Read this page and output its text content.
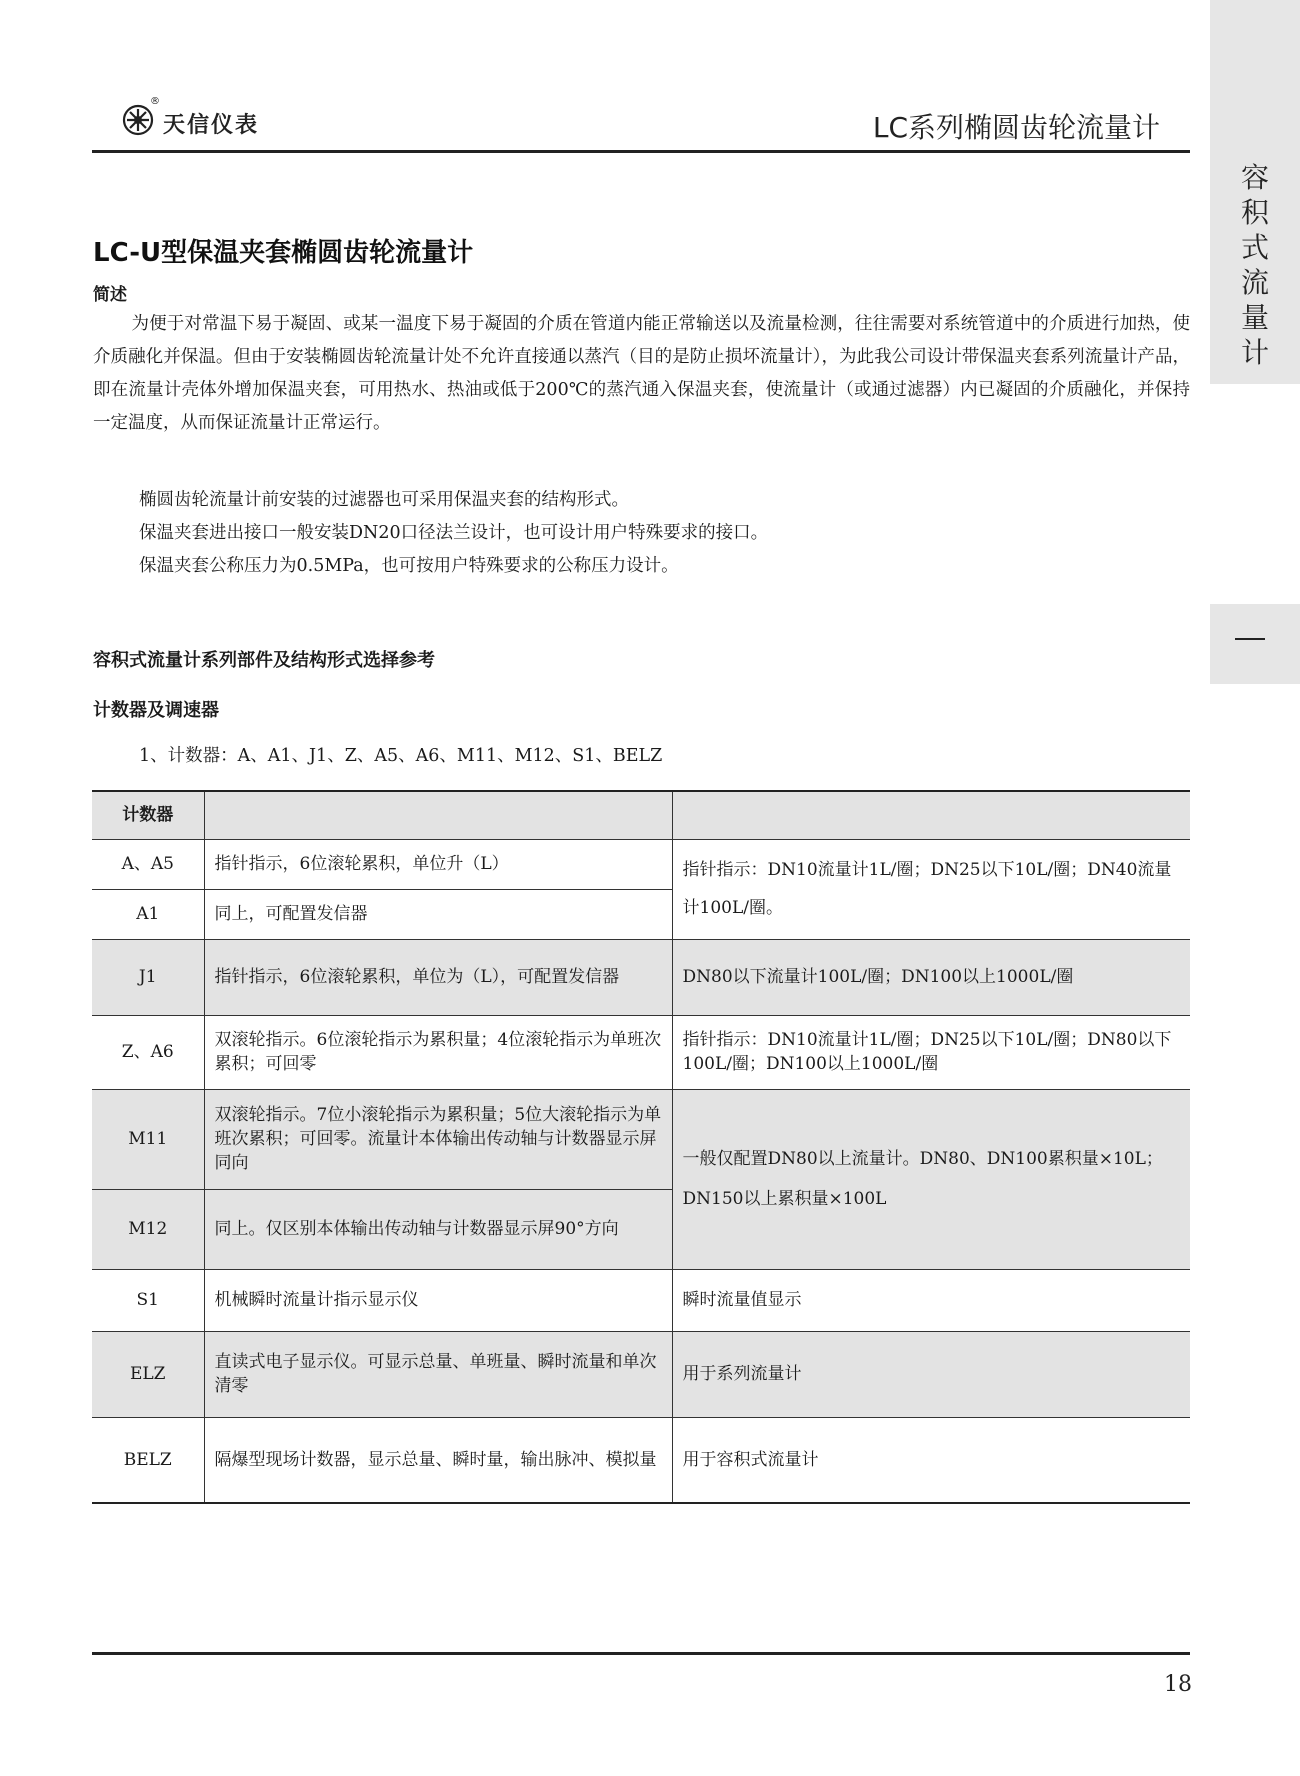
®
天信仪表	LC系列椭圆齿轮流量计
容
积
式
流
量
计
LC-U型保温夹套椭圆齿轮流量计
简述
为便于对常温下易于凝固、或某一温度下易于凝固的介质在管道内能正常输送以及流量检测，往往需要对系统管道中的介质进行加热，使介质融化并保温。但由于安装椭圆齿轮流量计处不允许直接通以蒸汽（目的是防止损坏流量计），为此我公司设计带保温夹套系列流量计产品，即在流量计壳体外增加保温夹套，可用热水、热油或低于200℃的蒸汽通入保温夹套，使流量计（或通过滤器）内已凝固的介质融化，并保持一定温度，从而保证流量计正常运行。
椭圆齿轮流量计前安装的过滤器也可采用保温夹套的结构形式。
保温夹套进出接口一般安装DN20口径法兰设计，也可设计用户特殊要求的接口。
保温夹套公称压力为0.5MPa，也可按用户特殊要求的公称压力设计。
容积式流量计系列部件及结构形式选择参考
计数器及调速器
1、计数器：A、A1、J1、Z、A5、A6、M11、M12、S1、BELZ
计数器		
A、A5	指针指示，6位滚轮累积，单位升（L）	指针指示：DN10流量计1L/圈；DN25以下10L/圈；DN40流量计100L/圈。
A1	同上，可配置发信器	
J1	指针指示，6位滚轮累积，单位为（L），可配置发信器	DN80以下流量计100L/圈；DN100以上1000L/圈
Z、A6	双滚轮指示。6位滚轮指示为累积量；4位滚轮指示为单班次累积；可回零	指针指示：DN10流量计1L/圈；DN25以下10L/圈；DN80以下100L/圈；DN100以上1000L/圈
M11	双滚轮指示。7位小滚轮指示为累积量；5位大滚轮指示为单班次累积；可回零。流量计本体输出传动轴与计数器显示屏同向	一般仅配置DN80以上流量计。DN80、DN100累积量×10L；DN150以上累积量×100L
M12	同上。仅区别本体输出传动轴与计数器显示屏90°方向	
S1	机械瞬时流量计指示显示仪	瞬时流量值显示
ELZ	直读式电子显示仪。可显示总量、单班量、瞬时流量和单次清零	用于系列流量计
BELZ	隔爆型现场计数器，显示总量、瞬时量，输出脉冲、模拟量	用于容积式流量计
18
